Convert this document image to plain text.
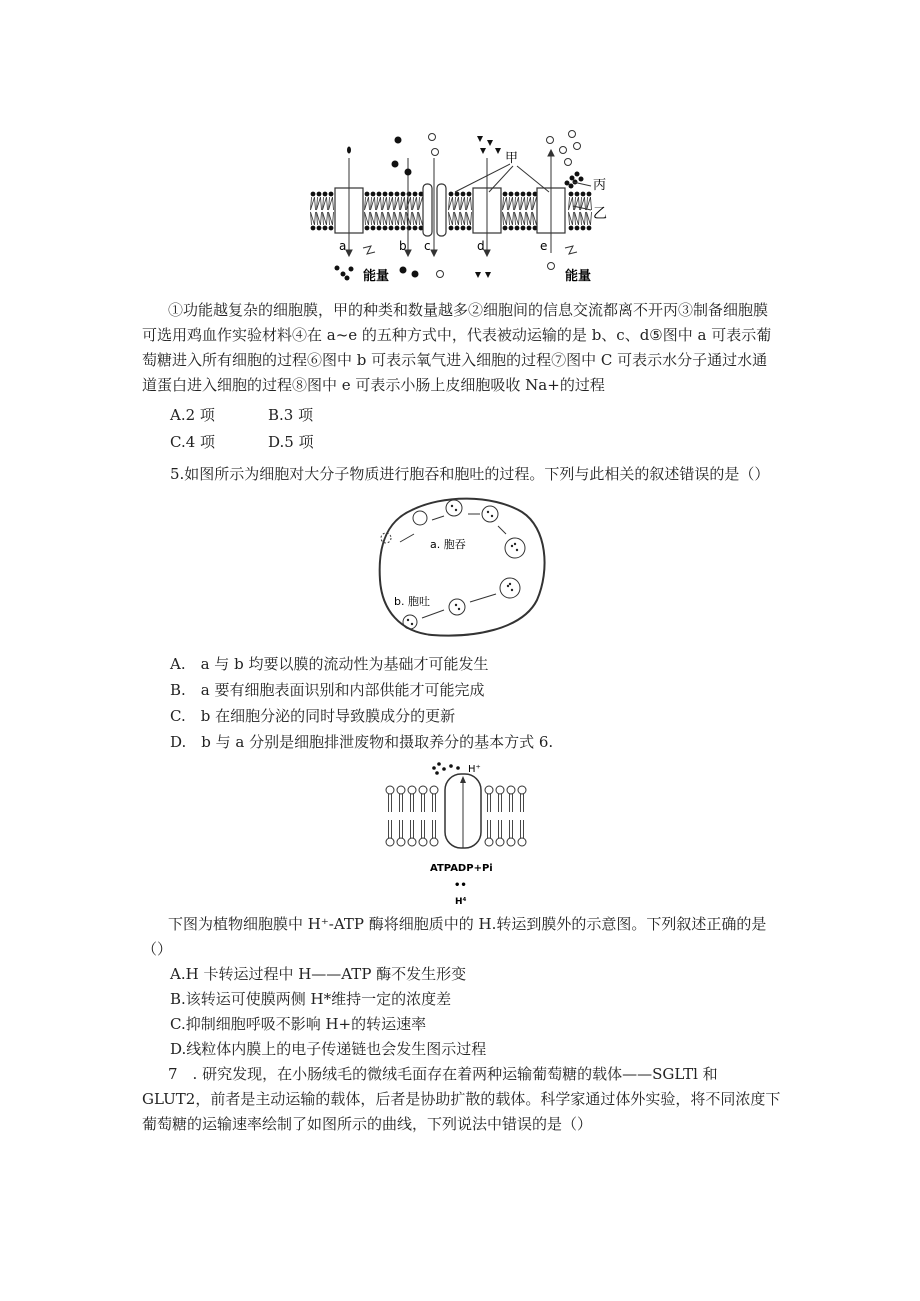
甲
丙
乙
a	b c	d	e
能量	能量
①功能越复杂的细胞膜，甲的种类和数量越多②细胞间的信息交流都离不开丙③制备细胞膜可选用鸡血作实验材料④在 a~e 的五种方式中，代表被动运输的是 b、c、d⑤图中 a 可表示葡萄糖进入所有细胞的过程⑥图中 b 可表示氧气进入细胞的过程⑦图中 C 可表示水分子通过水通道蛋白进入细胞的过程⑧图中 e 可表示小肠上皮细胞吸收 Na+的过程
A.2 项	B.3 项
C.4 项	D.5 项
5.如图所示为细胞对大分子物质进行胞吞和胞吐的过程。下列与此相关的叙述错误的是（）
a. 胞吞
b. 胞吐
A.　a 与 b 均要以膜的流动性为基础才可能发生
B.　a 要有细胞表面识别和内部供能才可能完成
C.　b 在细胞分泌的同时导致膜成分的更新
D.　b 与 a 分别是细胞排泄废物和摄取养分的基本方式 6.
H⁺
ATPADP+Pi
••
H⁴
下图为植物细胞膜中 H⁺-ATP 酶将细胞质中的 H.转运到膜外的示意图。下列叙述正确的是（）
A.H 卡转运过程中 H——ATP 酶不发生形变
B.该转运可使膜两侧 H*维持一定的浓度差
C.抑制细胞呼吸不影响 H+的转运速率
D.线粒体内膜上的电子传递链也会发生图示过程
7　. 研究发现，在小肠绒毛的微绒毛面存在着两种运输葡萄糖的载体——SGLTl 和 GLUT2，前者是主动运输的载体，后者是协助扩散的载体。科学家通过体外实验，将不同浓度下葡萄糖的运输速率绘制了如图所示的曲线，下列说法中错误的是（）
